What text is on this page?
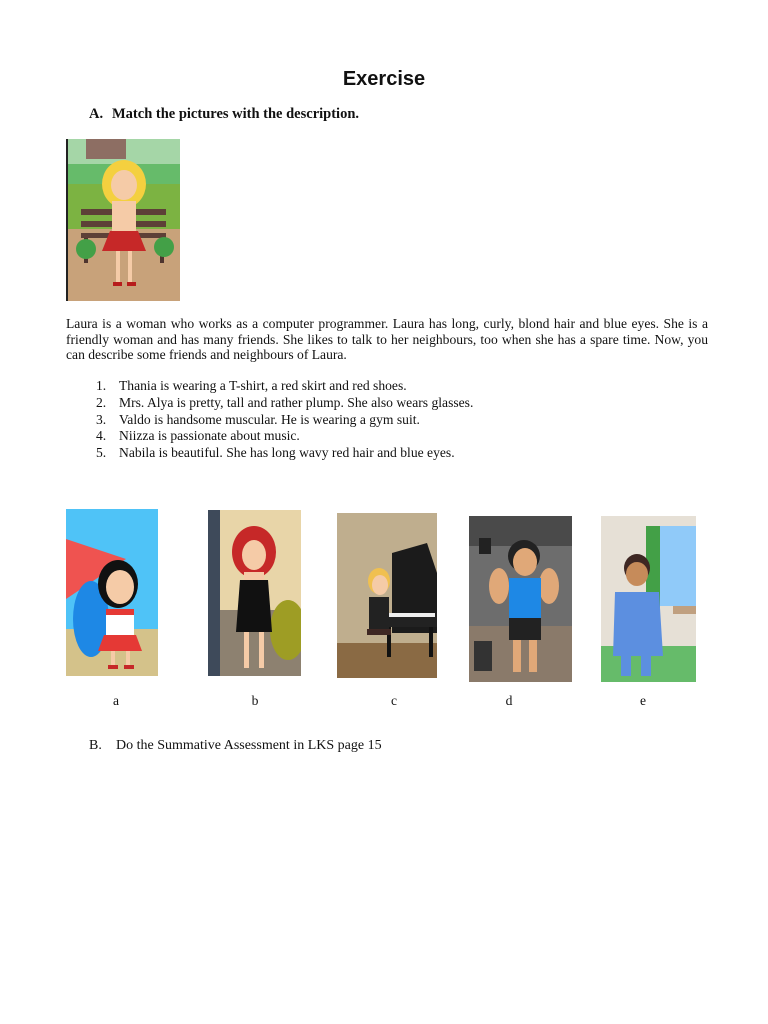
Exercise
A. Match the pictures with the description.
Laura is a woman who works as a computer programmer. Laura has long, curly, blond hair and blue eyes. She is a friendly woman and has many friends. She likes to talk to her neighbours, too when she has a spare time. Now, you can describe some friends and neighbours of Laura.
1. Thania is wearing a T-shirt, a red skirt and red shoes.
2. Mrs. Alya is pretty, tall and rather plump. She also wears glasses.
3. Valdo is handsome muscular. He is wearing a gym suit.
4. Niizza is passionate about music.
5. Nabila is beautiful. She has long wavy red hair and blue eyes.
a	b	c	d	e
B. Do the Summative Assessment in LKS page 15
